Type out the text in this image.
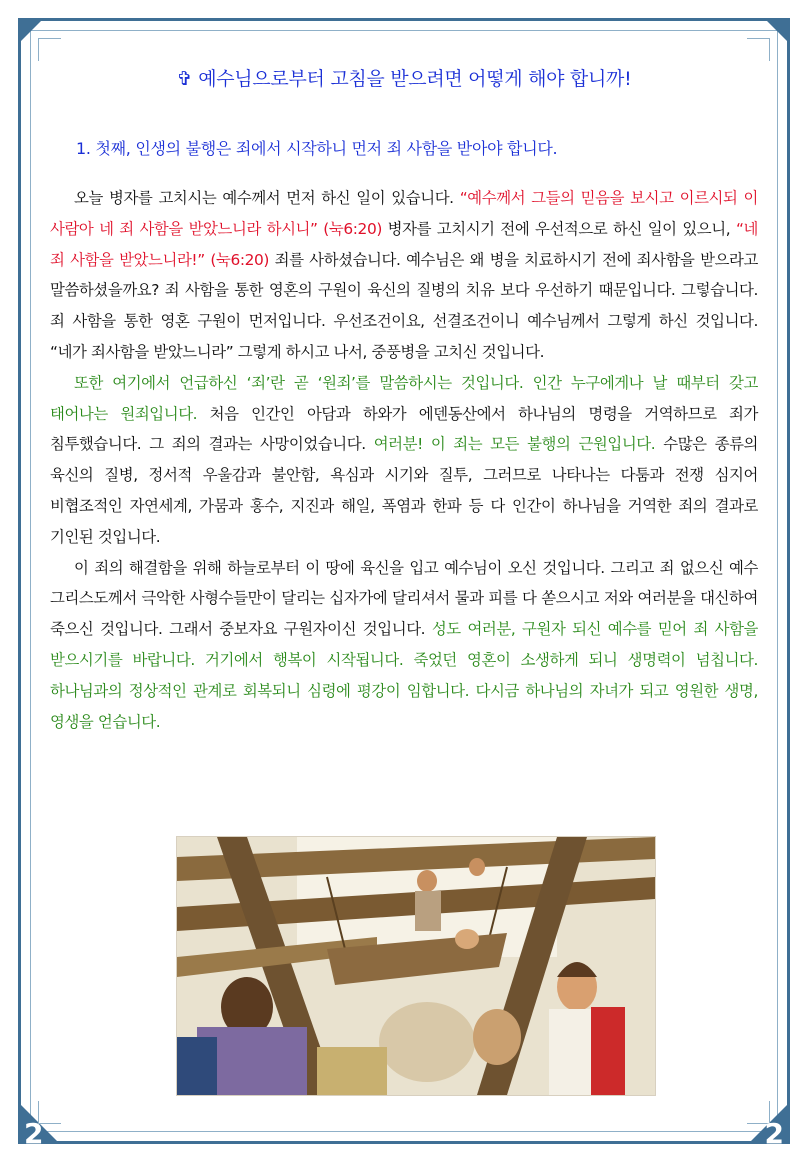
2	2
✞ 예수님으로부터 고침을 받으려면 어떻게 해야 합니까!
1. 첫째, 인생의 불행은 죄에서 시작하니 먼저 죄 사함을 받아야 합니다.

오늘 병자를 고치시는 예수께서 먼저 하신 일이 있습니다. “예수께서 그들의 믿음을 보시고 이르시되 이 사람아 네 죄 사함을 받았느니라 하시니” (눅6:20) 병자를 고치시기 전에 우선적으로 하신 일이 있으니, “네 죄 사함을 받았느니라!” (눅6:20) 죄를 사하셨습니다. 예수님은 왜 병을 치료하시기 전에 죄사함을 받으라고 말씀하셨을까요? 죄 사함을 통한 영혼의 구원이 육신의 질병의 치유 보다 우선하기 때문입니다. 그렇습니다. 죄 사함을 통한 영혼 구원이 먼저입니다. 우선조건이요, 선결조건이니 예수님께서 그렇게 하신 것입니다. “네가 죄사함을 받았느니라” 그렇게 하시고 나서, 중풍병을 고치신 것입니다.

또한 여기에서 언급하신 ‘죄’란 곧 ‘원죄’를 말씀하시는 것입니다. 인간 누구에게나 날 때부터 갖고 태어나는 원죄입니다. 처음 인간인 아담과 하와가 에덴동산에서 하나님의 명령을 거역하므로 죄가 침투했습니다. 그 죄의 결과는 사망이었습니다. 여러분! 이 죄는 모든 불행의 근원입니다. 수많은 종류의 육신의 질병, 정서적 우울감과 불안함, 욕심과 시기와 질투, 그러므로 나타나는 다툼과 전쟁 심지어 비협조적인 자연세계, 가뭄과 홍수, 지진과 해일, 폭염과 한파 등 다 인간이 하나님을 거역한 죄의 결과로 기인된 것입니다.

이 죄의 해결함을 위해 하늘로부터 이 땅에 육신을 입고 예수님이 오신 것입니다. 그리고 죄 없으신 예수 그리스도께서 극악한 사형수들만이 달리는 십자가에 달리셔서 물과 피를 다 쏟으시고 저와 여러분을 대신하여 죽으신 것입니다. 그래서 중보자요 구원자이신 것입니다. 성도 여러분, 구원자 되신 예수를 믿어 죄 사함을 받으시기를 바랍니다. 거기에서 행복이 시작됩니다. 죽었던 영혼이 소생하게 되니 생명력이 넘칩니다. 하나님과의 정상적인 관계로 회복되니 심령에 평강이 임합니다. 다시금 하나님의 자녀가 되고 영원한 생명, 영생을 얻습니다.
